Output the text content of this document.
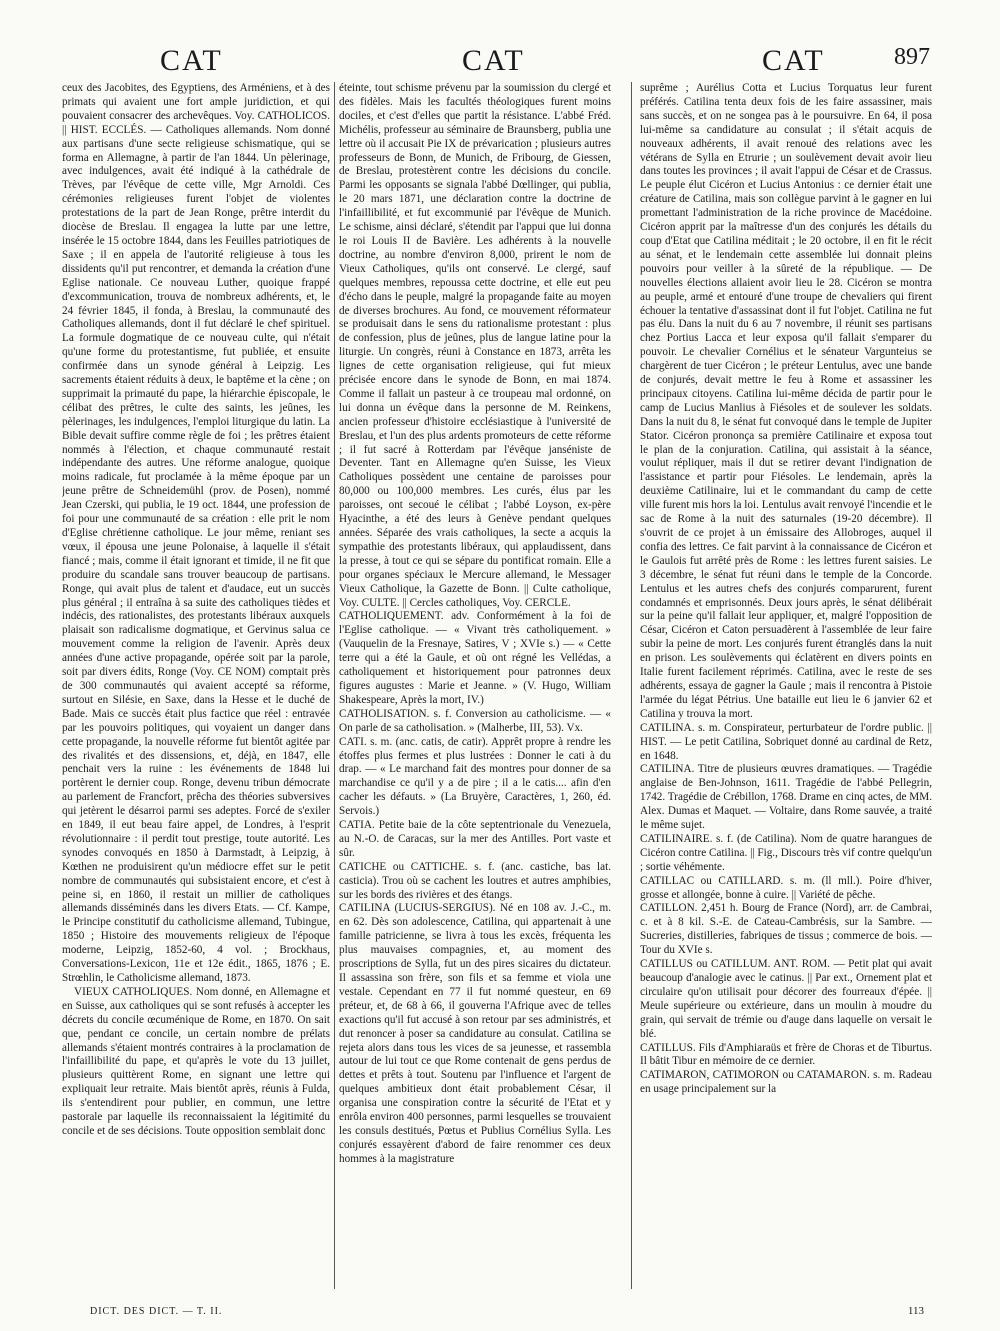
CAT	CAT	CAT	897

ceux des Jacobites, des Egyptiens, des Arméniens, et à des primats qui avaient une fort ample juridiction, et qui pouvaient consacrer des archevêques. Voy. CATHOLICOS. || HIST. ECCLÉS. — Catholiques allemands. Nom donné aux partisans d'une secte religieuse schismatique, qui se forma en Allemagne, à partir de l'an 1844. Un pèlerinage, avec indulgences, avait été indiqué à la cathédrale de Trèves, par l'évêque de cette ville, Mgr Arnoldi. Ces cérémonies religieuses furent l'objet de violentes protestations de la part de Jean Ronge, prêtre interdit du diocèse de Breslau. Il engagea la lutte par une lettre, insérée le 15 octobre 1844, dans les Feuilles patriotiques de Saxe ; il en appela de l'autorité religieuse à tous les dissidents qu'il put rencontrer, et demanda la création d'une Eglise nationale. Ce nouveau Luther, quoique frappé d'excommunication, trouva de nombreux adhérents, et, le 24 février 1845, il fonda, à Breslau, la communauté des Catholiques allemands, dont il fut déclaré le chef spirituel. La formule dogmatique de ce nouveau culte, qui n'était qu'une forme du protestantisme, fut publiée, et ensuite confirmée dans un synode général à Leipzig. Les sacrements étaient réduits à deux, le baptême et la cène ; on supprimait la primauté du pape, la hiérarchie épiscopale, le célibat des prêtres, le culte des saints, les jeûnes, les pèlerinages, les indulgences, l'emploi liturgique du latin. La Bible devait suffire comme règle de foi ; les prêtres étaient nommés à l'élection, et chaque communauté restait indépendante des autres. Une réforme analogue, quoique moins radicale, fut proclamée à la même époque par un jeune prêtre de Schneidemühl (prov. de Posen), nommé Jean Czerski, qui publia, le 19 oct. 1844, une profession de foi pour une communauté de sa création : elle prit le nom d'Eglise chrétienne catholique. Le jour même, reniant ses vœux, il épousa une jeune Polonaise, à laquelle il s'était fiancé ; mais, comme il était ignorant et timide, il ne fit que produire du scandale sans trouver beaucoup de partisans. Ronge, qui avait plus de talent et d'audace, eut un succès plus général ; il entraîna à sa suite des catholiques tièdes et indécis, des rationalistes, des protestants libéraux auxquels plaisait son radicalisme dogmatique, et Gervinus salua ce mouvement comme la religion de l'avenir. Après deux années d'une active propagande, opérée soit par la parole, soit par divers édits, Ronge (Voy. CE NOM) comptait près de 300 communautés qui avaient accepté sa réforme, surtout en Silésie, en Saxe, dans la Hesse et le duché de Bade. Mais ce succès était plus factice que réel : entravée par les pouvoirs politiques, qui voyaient un danger dans cette propagande, la nouvelle réforme fut bientôt agitée par des rivalités et des dissensions, et, déjà, en 1847, elle penchait vers la ruine : les événements de 1848 lui portèrent le dernier coup. Ronge, devenu tribun démocrate au parlement de Francfort, prêcha des théories subversives qui jetèrent le désarroi parmi ses adeptes. Forcé de s'exiler en 1849, il eut beau faire appel, de Londres, à l'esprit révolutionnaire : il perdit tout prestige, toute autorité. Les synodes convoqués en 1850 à Darmstadt, à Leipzig, à Kœthen ne produisirent qu'un médiocre effet sur le petit nombre de communautés qui subsistaient encore, et c'est à peine si, en 1860, il restait un millier de catholiques allemands disséminés dans les divers Etats. — Cf. Kampe, le Principe constitutif du catholicisme allemand, Tubingue, 1850 ; Histoire des mouvements religieux de l'époque moderne, Leipzig, 1852-60, 4 vol. ; Brockhaus, Conversations-Lexicon, 11e et 12e édit., 1865, 1876 ; E. Strœhlin, le Catholicisme allemand, 1873.

VIEUX CATHOLIQUES. Nom donné, en Allemagne et en Suisse, aux catholiques qui se sont refusés à accepter les décrets du concile œcuménique de Rome, en 1870. On sait que, pendant ce concile, un certain nombre de prélats allemands s'étaient montrés contraires à la proclamation de l'infaillibilité du pape, et qu'après le vote du 13 juillet, plusieurs quittèrent Rome, en signant une lettre qui expliquait leur retraite. Mais bientôt après, réunis à Fulda, ils s'entendirent pour publier, en commun, une lettre pastorale par laquelle ils reconnaissaient la légitimité du concile et de ses décisions. Toute opposition semblait donc

éteinte, tout schisme prévenu par la soumission du clergé et des fidèles. Mais les facultés théologiques furent moins dociles, et c'est d'elles que partit la résistance. L'abbé Fréd. Michélis, professeur au séminaire de Braunsberg, publia une lettre où il accusait Pie IX de prévarication ; plusieurs autres professeurs de Bonn, de Munich, de Fribourg, de Giessen, de Breslau, protestèrent contre les décisions du concile. Parmi les opposants se signala l'abbé Dœllinger, qui publia, le 20 mars 1871, une déclaration contre la doctrine de l'infaillibilité, et fut excommunié par l'évêque de Munich. Le schisme, ainsi déclaré, s'étendit par l'appui que lui donna le roi Louis II de Bavière. Les adhérents à la nouvelle doctrine, au nombre d'environ 8,000, prirent le nom de Vieux Catholiques, qu'ils ont conservé. Le clergé, sauf quelques membres, repoussa cette doctrine, et elle eut peu d'écho dans le peuple, malgré la propagande faite au moyen de diverses brochures. Au fond, ce mouvement réformateur se produisait dans le sens du rationalisme protestant : plus de confession, plus de jeûnes, plus de langue latine pour la liturgie. Un congrès, réuni à Constance en 1873, arrêta les lignes de cette organisation religieuse, qui fut mieux précisée encore dans le synode de Bonn, en mai 1874. Comme il fallait un pasteur à ce troupeau mal ordonné, on lui donna un évêque dans la personne de M. Reinkens, ancien professeur d'histoire ecclésiastique à l'université de Breslau, et l'un des plus ardents promoteurs de cette réforme ; il fut sacré à Rotterdam par l'évêque janséniste de Deventer. Tant en Allemagne qu'en Suisse, les Vieux Catholiques possèdent une centaine de paroisses pour 80,000 ou 100,000 membres. Les curés, élus par les paroisses, ont secoué le célibat ; l'abbé Loyson, ex-père Hyacinthe, a été des leurs à Genève pendant quelques années. Séparée des vrais catholiques, la secte a acquis la sympathie des protestants libéraux, qui applaudissent, dans la presse, à tout ce qui se sépare du pontificat romain. Elle a pour organes spéciaux le Mercure allemand, le Messager Vieux Catholique, la Gazette de Bonn. || Culte catholique, Voy. CULTE. || Cercles catholiques, Voy. CERCLE.

CATHOLIQUEMENT. adv. Conformément à la foi de l'Eglise catholique. — « Vivant très catholiquement. » (Vauquelin de la Fresnaye, Satires, V ; XVIe s.) — « Cette terre qui a été la Gaule, et où ont régné les Vellédas, a catholiquement et historiquement pour patronnes deux figures augustes : Marie et Jeanne. » (V. Hugo, William Shakespeare, Après la mort, IV.)

CATHOLISATION. s. f. Conversion au catholicisme. — « On parle de sa catholisation. » (Malherbe, III, 53). Vx.

CATI. s. m. (anc. catis, de catir). Apprêt propre à rendre les étoffes plus fermes et plus lustrées : Donner le cati à du drap. — « Le marchand fait des montres pour donner de sa marchandise ce qu'il y a de pire ; il a le catis.... afin d'en cacher les défauts. » (La Bruyère, Caractères, 1, 260, éd. Servois.)

CATIA. Petite baie de la côte septentrionale du Venezuela, au N.-O. de Caracas, sur la mer des Antilles. Port vaste et sûr.

CATICHE ou CATTICHE. s. f. (anc. castiche, bas lat. casticia). Trou où se cachent les loutres et autres amphibies, sur les bords des rivières et des étangs.

CATILINA (LUCIUS-SERGIUS). Né en 108 av. J.-C., m. en 62. Dès son adolescence, Catilina, qui appartenait à une famille patricienne, se livra à tous les excès, fréquenta les plus mauvaises compagnies, et, au moment des proscriptions de Sylla, fut un des pires sicaires du dictateur. Il assassina son frère, son fils et sa femme et viola une vestale. Cependant en 77 il fut nommé questeur, en 69 préteur, et, de 68 à 66, il gouverna l'Afrique avec de telles exactions qu'il fut accusé à son retour par ses administrés, et dut renoncer à poser sa candidature au consulat. Catilina se rejeta alors dans tous les vices de sa jeunesse, et rassembla autour de lui tout ce que Rome contenait de gens perdus de dettes et prêts à tout. Soutenu par l'influence et l'argent de quelques ambitieux dont était probablement César, il organisa une conspiration contre la sécurité de l'Etat et y enrôla environ 400 personnes, parmi lesquelles se trouvaient les consuls destitués, Pœtus et Publius Cornélius Sylla. Les conjurés essayèrent d'abord de faire renommer ces deux hommes à la magistrature

suprême ; Aurélius Cotta et Lucius Torquatus leur furent préférés. Catilina tenta deux fois de les faire assassiner, mais sans succès, et on ne songea pas à le poursuivre. En 64, il posa lui-même sa candidature au consulat ; il s'était acquis de nouveaux adhérents, il avait renoué des relations avec les vétérans de Sylla en Etrurie ; un soulèvement devait avoir lieu dans toutes les provinces ; il avait l'appui de César et de Crassus. Le peuple élut Cicéron et Lucius Antonius : ce dernier était une créature de Catilina, mais son collègue parvint à le gagner en lui promettant l'administration de la riche province de Macédoine. Cicéron apprit par la maîtresse d'un des conjurés les détails du coup d'Etat que Catilina méditait ; le 20 octobre, il en fit le récit au sénat, et le lendemain cette assemblée lui donnait pleins pouvoirs pour veiller à la sûreté de la république. — De nouvelles élections allaient avoir lieu le 28. Cicéron se montra au peuple, armé et entouré d'une troupe de chevaliers qui firent échouer la tentative d'assassinat dont il fut l'objet. Catilina ne fut pas élu. Dans la nuit du 6 au 7 novembre, il réunit ses partisans chez Portius Lacca et leur exposa qu'il fallait s'emparer du pouvoir. Le chevalier Cornélius et le sénateur Vargunteius se chargèrent de tuer Cicéron ; le préteur Lentulus, avec une bande de conjurés, devait mettre le feu à Rome et assassiner les principaux citoyens. Catilina lui-même décida de partir pour le camp de Lucius Manlius à Fiésoles et de soulever les soldats. Dans la nuit du 8, le sénat fut convoqué dans le temple de Jupiter Stator. Cicéron prononça sa première Catilinaire et exposa tout le plan de la conjuration. Catilina, qui assistait à la séance, voulut répliquer, mais il dut se retirer devant l'indignation de l'assistance et partir pour Fiésoles. Le lendemain, après la deuxième Catilinaire, lui et le commandant du camp de cette ville furent mis hors la loi. Lentulus avait renvoyé l'incendie et le sac de Rome à la nuit des saturnales (19-20 décembre). Il s'ouvrit de ce projet à un émissaire des Allobroges, auquel il confia des lettres. Ce fait parvint à la connaissance de Cicéron et le Gaulois fut arrêté près de Rome : les lettres furent saisies. Le 3 décembre, le sénat fut réuni dans le temple de la Concorde. Lentulus et les autres chefs des conjurés comparurent, furent condamnés et emprisonnés. Deux jours après, le sénat délibérait sur la peine qu'il fallait leur appliquer, et, malgré l'opposition de César, Cicéron et Caton persuadèrent à l'assemblée de leur faire subir la peine de mort. Les conjurés furent étranglés dans la nuit en prison. Les soulèvements qui éclatèrent en divers points en Italie furent facilement réprimés. Catilina, avec le reste de ses adhérents, essaya de gagner la Gaule ; mais il rencontra à Pistoie l'armée du légat Pétrius. Une bataille eut lieu le 6 janvier 62 et Catilina y trouva la mort.

CATILINA. s. m. Conspirateur, perturbateur de l'ordre public. || HIST. — Le petit Catilina, Sobriquet donné au cardinal de Retz, en 1648.

CATILINA. Titre de plusieurs œuvres dramatiques. — Tragédie anglaise de Ben-Johnson, 1611. Tragédie de l'abbé Pellegrin, 1742. Tragédie de Crébillon, 1768. Drame en cinq actes, de MM. Alex. Dumas et Maquet. — Voltaire, dans Rome sauvée, a traité le même sujet.

CATILINAIRE. s. f. (de Catilina). Nom de quatre harangues de Cicéron contre Catilina. || Fig., Discours très vif contre quelqu'un ; sortie véhémente.

CATILLAC ou CATILLARD. s. m. (ll mll.). Poire d'hiver, grosse et allongée, bonne à cuire. || Variété de pêche.

CATILLON. 2,451 h. Bourg de France (Nord), arr. de Cambrai, c. et à 8 kil. S.-E. de Cateau-Cambrésis, sur la Sambre. — Sucreries, distilleries, fabriques de tissus ; commerce de bois. — Tour du XVIe s.

CATILLUS ou CATILLUM. ANT. ROM. — Petit plat qui avait beaucoup d'analogie avec le catinus. || Par ext., Ornement plat et circulaire qu'on utilisait pour décorer des fourreaux d'épée. || Meule supérieure ou extérieure, dans un moulin à moudre du grain, qui servait de trémie ou d'auge dans laquelle on versait le blé.

CATILLUS. Fils d'Amphiaraüs et frère de Choras et de Tiburtus. Il bâtit Tibur en mémoire de ce dernier.

CATIMARON, CATIMORON ou CATAMARON. s. m. Radeau en usage principalement sur la

DICT. DES DICT. — T. II.	113
